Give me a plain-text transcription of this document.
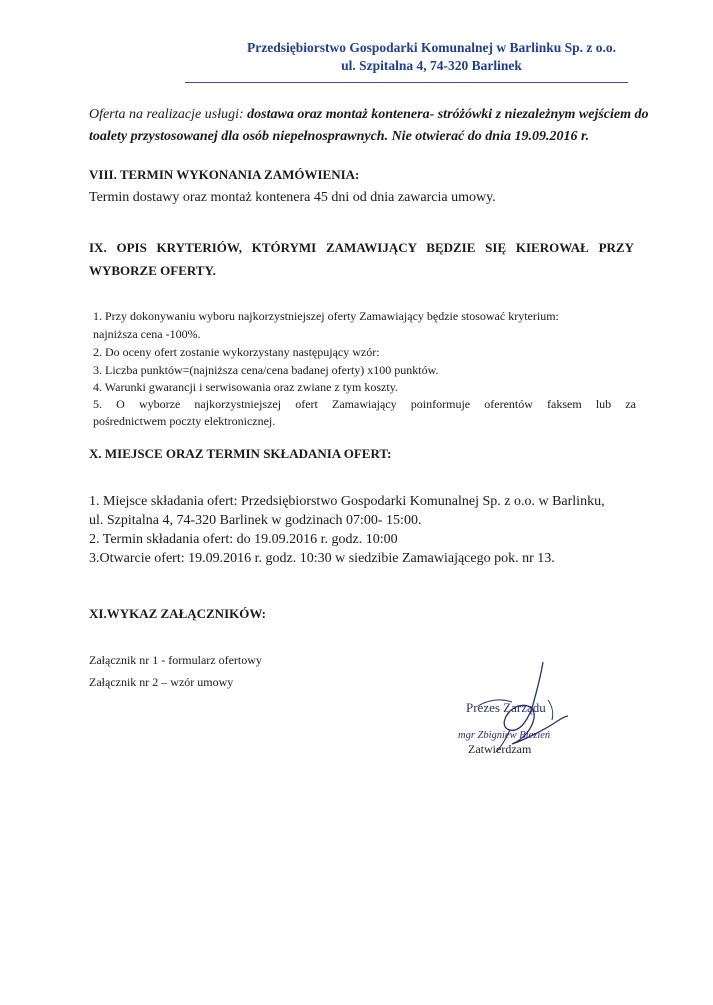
Przedsiębiorstwo Gospodarki Komunalnej w Barlinku Sp. z o.o.
ul. Szpitalna 4, 74-320 Barlinek
Oferta na realizacje usługi: dostawa oraz montaż kontenera- stróżówki z niezależnym wejściem do
toalety przystosowanej dla osób niepełnosprawnych. Nie otwierać do dnia 19.09.2016 r.
VIII. TERMIN WYKONANIA ZAMÓWIENIA:
Termin dostawy oraz montaż kontenera 45 dni od dnia zawarcia umowy.
IX. OPIS KRYTERIÓW, KTÓRYMI ZAMAWIJĄCY BĘDZIE SIĘ KIEROWAŁ PRZY
WYBORZE OFERTY.
1. Przy dokonywaniu wyboru najkorzystniejszej oferty Zamawiający będzie stosować kryterium:
najniższa cena -100%.
2. Do oceny ofert zostanie wykorzystany następujący wzór:
3. Liczba punktów=(najniższa cena/cena badanej oferty) x100 punktów.
4. Warunki gwarancji i serwisowania oraz zwiane z tym koszty.
5. O wyborze najkorzystniejszej ofert Zamawiający poinformuje oferentów faksem lub za
pośrednictwem poczty elektronicznej.
X. MIEJSCE ORAZ TERMIN SKŁADANIA OFERT:
1. Miejsce składania ofert: Przedsiębiorstwo Gospodarki Komunalnej Sp. z o.o. w Barlinku,
ul. Szpitalna 4, 74-320 Barlinek w godzinach 07:00- 15:00.
2. Termin składania ofert: do 19.09.2016 r. godz. 10:00
3.Otwarcie ofert: 19.09.2016 r. godz. 10:30 w siedzibie Zamawiającego pok. nr 13.
XI.WYKAZ ZAŁĄCZNIKÓW:
Załącznik nr 1 - formularz ofertowy
Załącznik nr 2 – wzór umowy
Prezes Zarządu
mgr Zbigniew Blezień
Zatwierdzam
